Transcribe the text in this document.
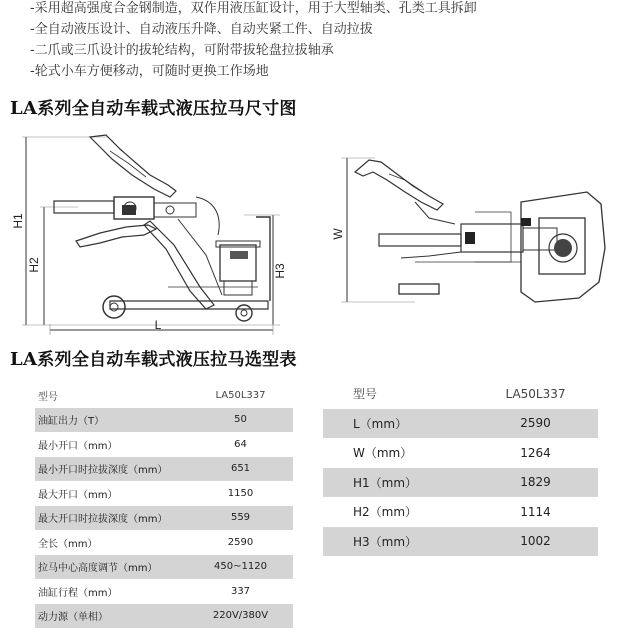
-采用超高强度合金钢制造，双作用液压缸设计，用于大型轴类、孔类工具拆卸
-全自动液压设计、自动液压升降、自动夹紧工件、自动拉拔
-二爪或三爪设计的拔轮结构，可附带拔轮盘拉拔轴承
-轮式小车方便移动，可随时更换工作场地
LA系列全自动车载式液压拉马尺寸图
H1
H2	H3
L
W
LA系列全自动车载式液压拉马选型表
型号	LA50L337
油缸出力（T）	50
最小开口（mm）	64
最小开口时拉拔深度（mm）	651
最大开口（mm）	1150
最大开口时拉拔深度（mm）	559
全长（mm）	2590
拉马中心高度调节（mm）	450~1120
油缸行程（mm）	337
动力源（单相）	220V/380V
型号	LA50L337
L（mm）	2590
W（mm）	1264
H1（mm）	1829
H2（mm）	1114
H3（mm）	1002
